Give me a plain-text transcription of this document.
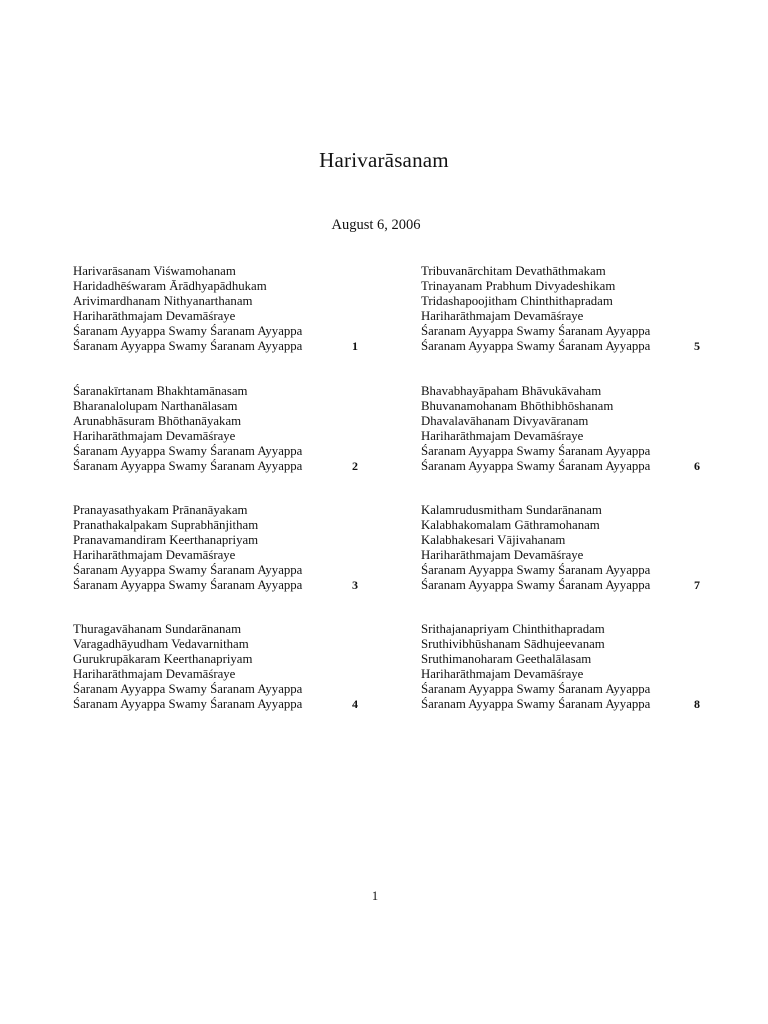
Harivarāsanam
August 6, 2006
Harivarāsanam Viśwamohanam
Haridadhēśwaram Ārādhyapādhukam
Arivimardhanam Nithyanarthanam
Hariharāthmajam Devamāśraye
Śaranam Ayyappa Swamy Śaranam Ayyappa
Śaranam Ayyappa Swamy Śaranam Ayyappa	1
Śaranakīrtanam Bhakhtamānasam
Bharanalolupam Narthanālasam
Arunabhāsuram Bhōthanāyakam
Hariharāthmajam Devamāśraye
Śaranam Ayyappa Swamy Śaranam Ayyappa
Śaranam Ayyappa Swamy Śaranam Ayyappa	2
Pranayasathyakam Prānanāyakam
Pranathakalpakam Suprabhānjitham
Pranavamandiram Keerthanapriyam
Hariharāthmajam Devamāśraye
Śaranam Ayyappa Swamy Śaranam Ayyappa
Śaranam Ayyappa Swamy Śaranam Ayyappa	3
Thuragavāhanam Sundarānanam
Varagadhāyudham Vedavarnitham
Gurukrupākaram Keerthanapriyam
Hariharāthmajam Devamāśraye
Śaranam Ayyappa Swamy Śaranam Ayyappa
Śaranam Ayyappa Swamy Śaranam Ayyappa	4
Tribuvanārchitam Devathāthmakam
Trinayanam Prabhum Divyadeshikam
Tridashapoojitham Chinthithapradam
Hariharāthmajam Devamāśraye
Śaranam Ayyappa Swamy Śaranam Ayyappa
Śaranam Ayyappa Swamy Śaranam Ayyappa	5
Bhavabhayāpaham Bhāvukāvaham
Bhuvanamohanam Bhōthibhōshanam
Dhavalavāhanam Divyavāranam
Hariharāthmajam Devamāśraye
Śaranam Ayyappa Swamy Śaranam Ayyappa
Śaranam Ayyappa Swamy Śaranam Ayyappa	6
Kalamrudusmitham Sundarānanam
Kalabhakomalam Gāthramohanam
Kalabhakesari Vājivahanam
Hariharāthmajam Devamāśraye
Śaranam Ayyappa Swamy Śaranam Ayyappa
Śaranam Ayyappa Swamy Śaranam Ayyappa	7
Srithajanapriyam Chinthithapradam
Sruthivibhūshanam Sādhujeevanam
Sruthimanoharam Geethalālasam
Hariharāthmajam Devamāśraye
Śaranam Ayyappa Swamy Śaranam Ayyappa
Śaranam Ayyappa Swamy Śaranam Ayyappa	8
1
